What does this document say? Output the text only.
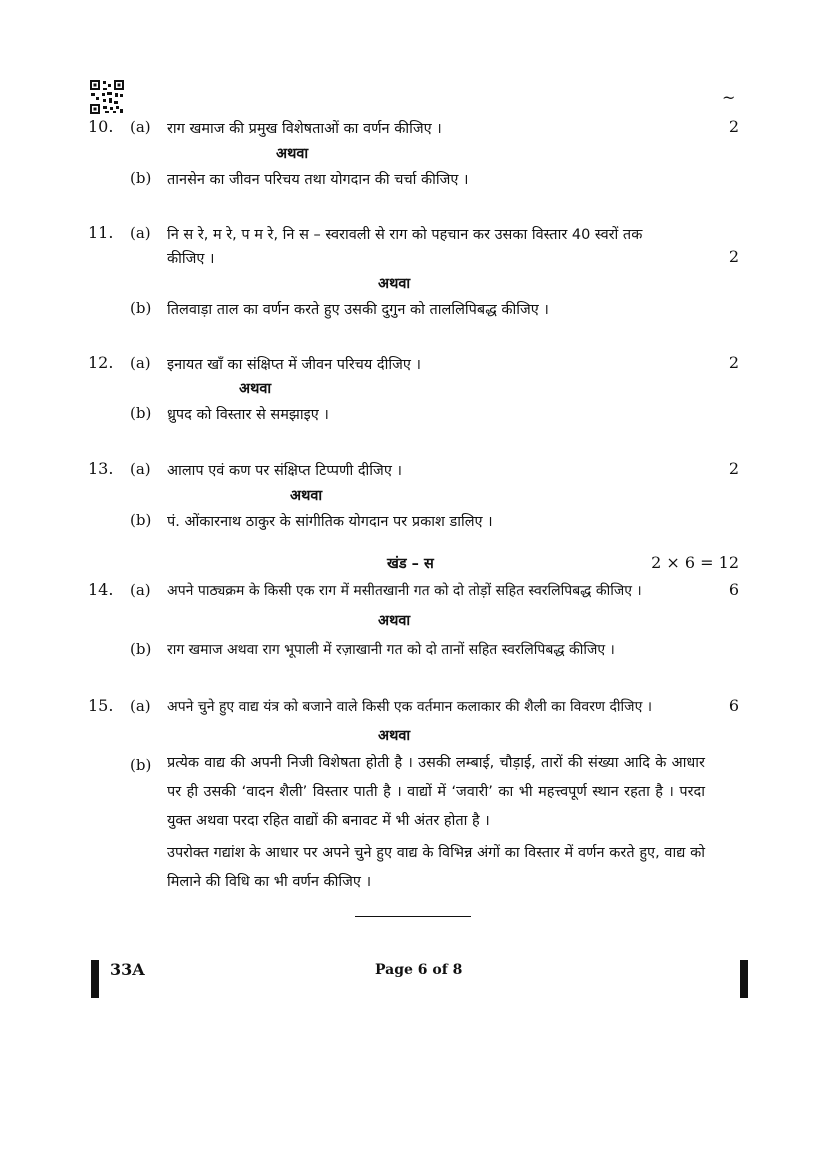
~
10. (a) राग खमाज की प्रमुख विशेषताओं का वर्णन कीजिए ।	2
अथवा
(b) तानसेन का जीवन परिचय तथा योगदान की चर्चा कीजिए ।
11. (a) नि स रे, म रे, प म रे, नि स – स्वरावली से राग को पहचान कर उसका विस्तार 40 स्वरों तक
कीजिए ।	2
अथवा
(b) तिलवाड़ा ताल का वर्णन करते हुए उसकी दुगुन को ताललिपिबद्ध कीजिए ।
12. (a) इनायत खाँ का संक्षिप्त में जीवन परिचय दीजिए ।	2
अथवा
(b) ध्रुपद को विस्तार से समझाइए ।
13. (a) आलाप एवं कण पर संक्षिप्त टिप्पणी दीजिए ।	2
अथवा
(b) पं. ओंकारनाथ ठाकुर के सांगीतिक योगदान पर प्रकाश डालिए ।
खंड – स	2 × 6 = 12
14. (a) अपने पाठ्यक्रम के किसी एक राग में मसीतखानी गत को दो तोड़ों सहित स्वरलिपिबद्ध कीजिए ।	6
अथवा
(b) राग खमाज अथवा राग भूपाली में रज़ाखानी गत को दो तानों सहित स्वरलिपिबद्ध कीजिए ।
15. (a) अपने चुने हुए वाद्य यंत्र को बजाने वाले किसी एक वर्तमान कलाकार की शैली का विवरण दीजिए ।	6
अथवा
(b) प्रत्येक वाद्य की अपनी निजी विशेषता होती है । उसकी लम्बाई, चौड़ाई, तारों की संख्या आदि के आधार पर ही उसकी ‘वादन शैली’ विस्तार पाती है । वाद्यों में ‘जवारी’ का भी महत्त्वपूर्ण स्थान रहता है । परदा युक्त अथवा परदा रहित वाद्यों की बनावट में भी अंतर होता है ।
उपरोक्त गद्यांश के आधार पर अपने चुने हुए वाद्य के विभिन्न अंगों का विस्तार में वर्णन करते हुए, वाद्य को मिलाने की विधि का भी वर्णन कीजिए ।
33A	Page 6 of 8
